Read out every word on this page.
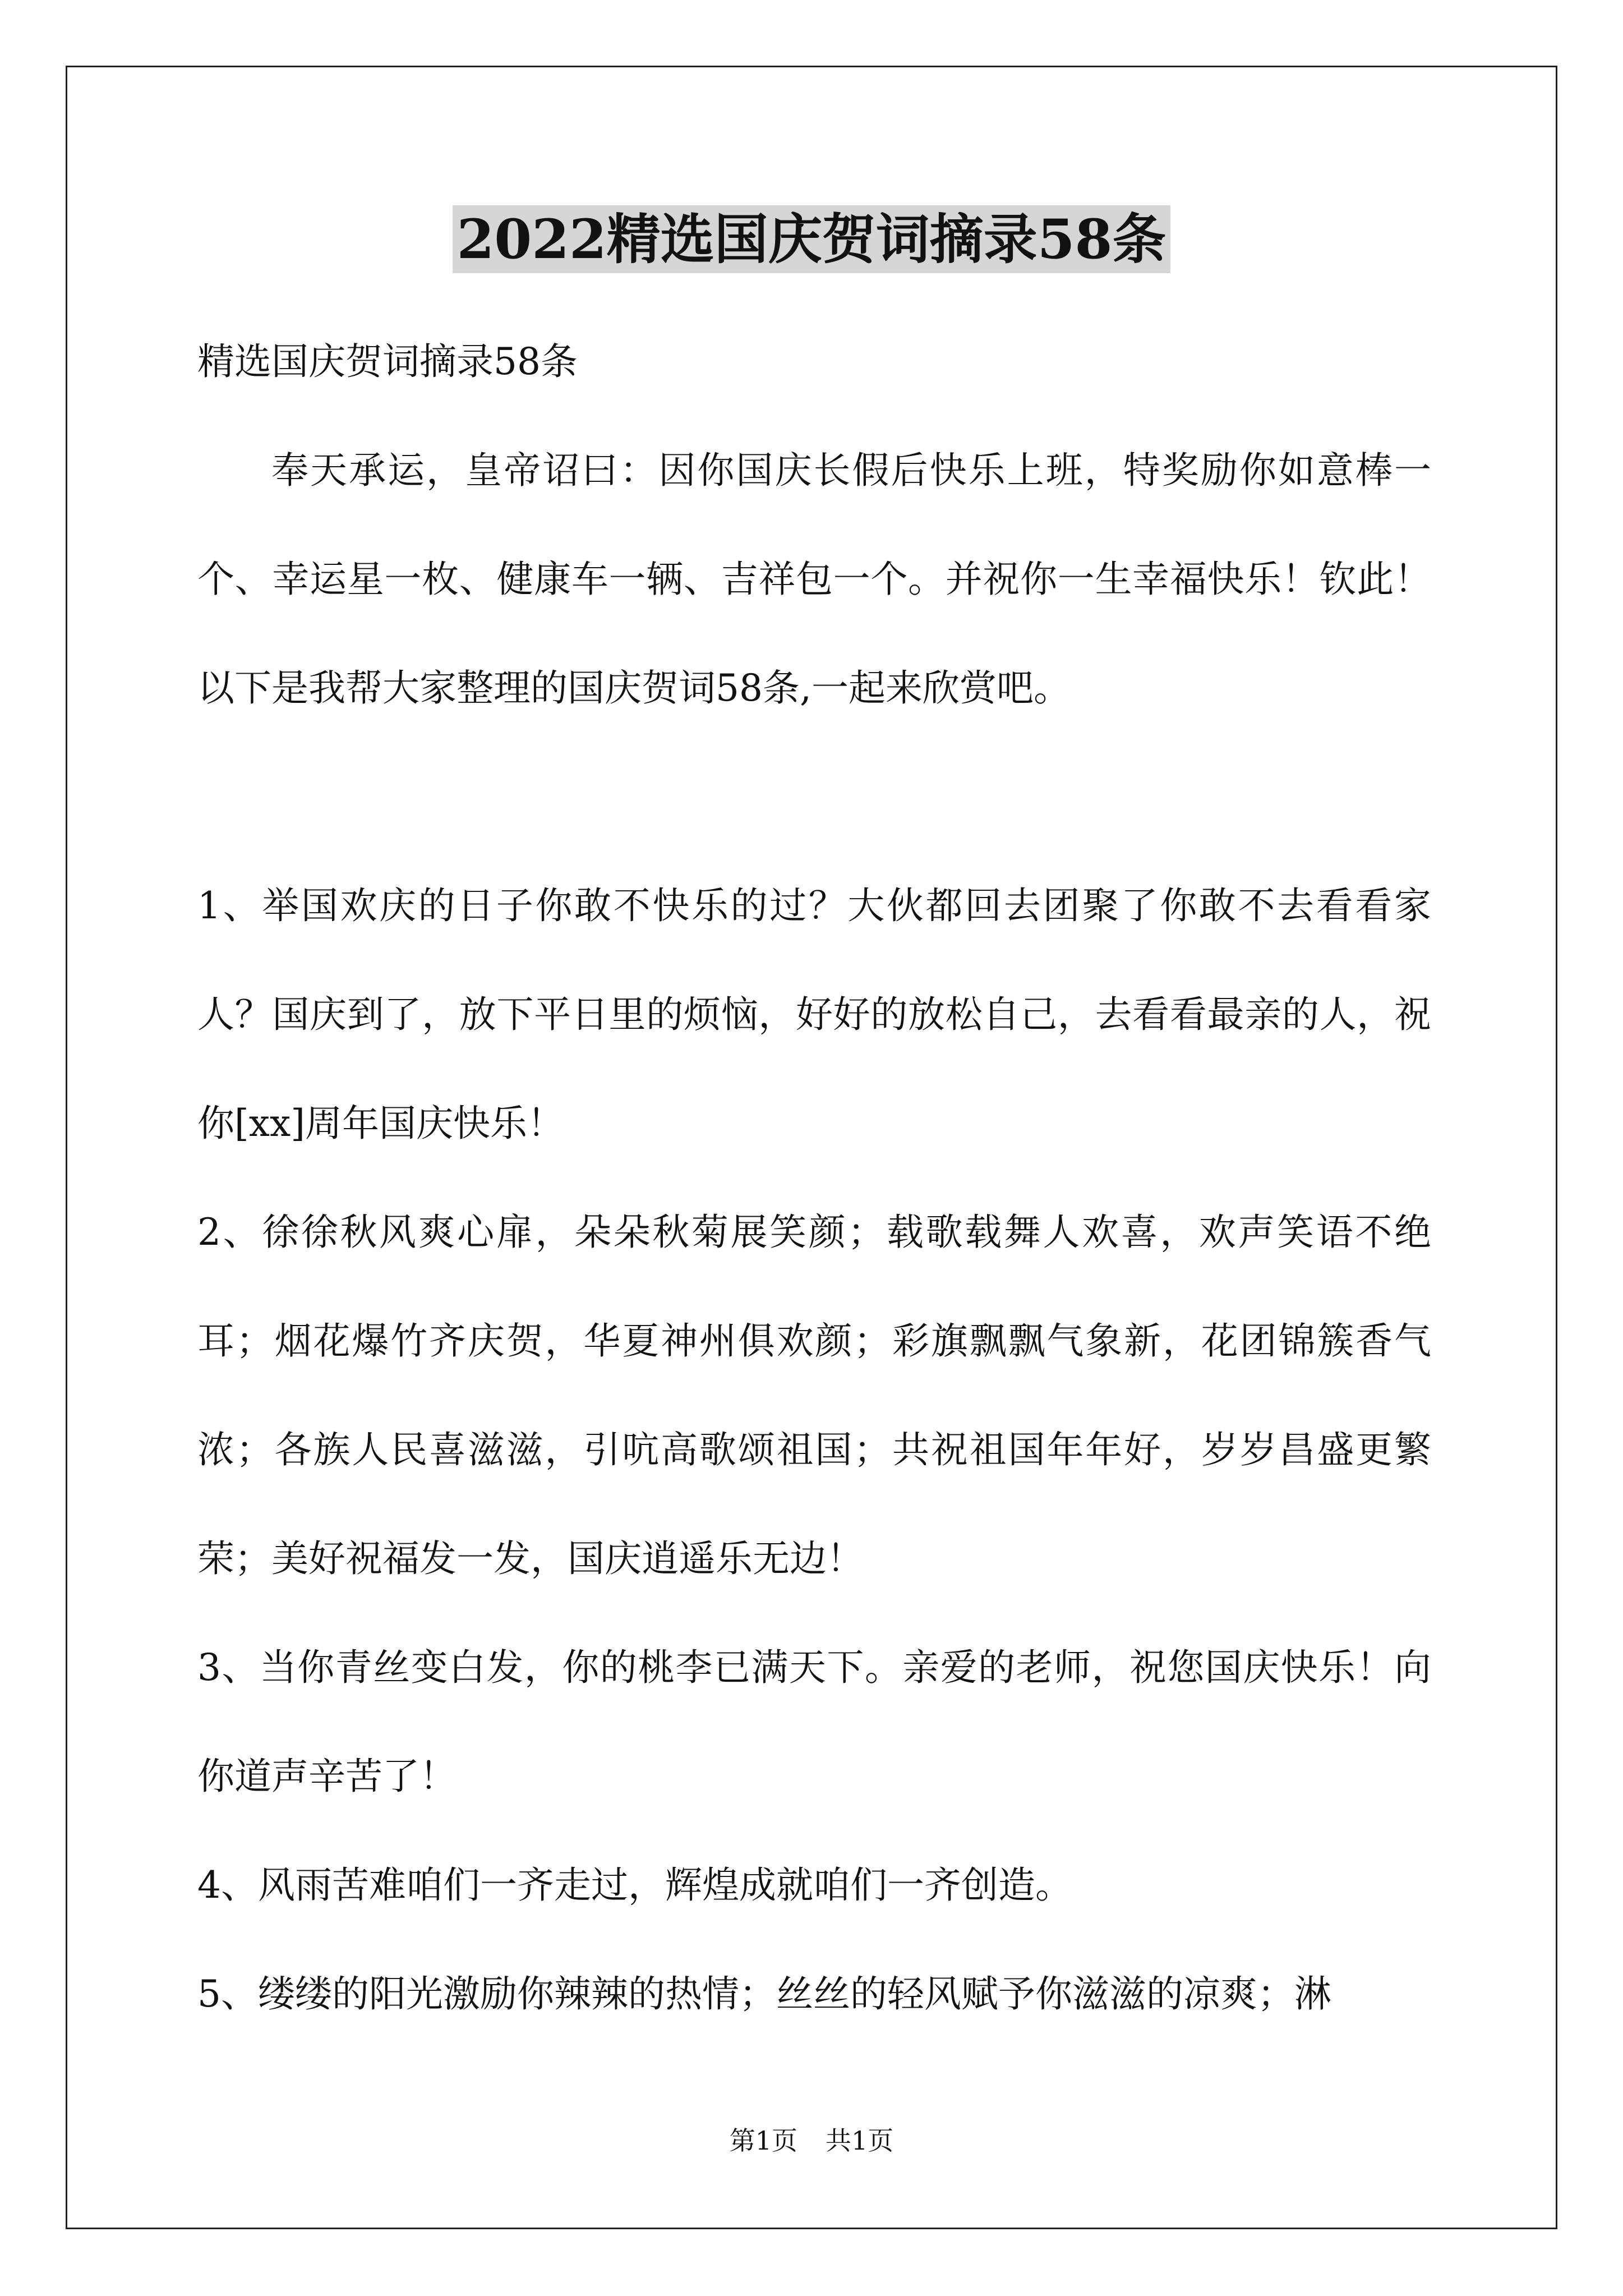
2022精选国庆贺词摘录58条

精选国庆贺词摘录58条

奉天承运，皇帝诏曰：因你国庆长假后快乐上班，特奖励你如意棒一个、幸运星一枚、健康车一辆、吉祥包一个。并祝你一生幸福快乐！钦此！以下是我帮大家整理的国庆贺词58条,一起来欣赏吧。

1、举国欢庆的日子你敢不快乐的过？大伙都回去团聚了你敢不去看看家人？国庆到了，放下平日里的烦恼，好好的放松自己，去看看最亲的人，祝你[xx]周年国庆快乐！

2、徐徐秋风爽心扉，朵朵秋菊展笑颜；载歌载舞人欢喜，欢声笑语不绝耳；烟花爆竹齐庆贺，华夏神州俱欢颜；彩旗飘飘气象新，花团锦簇香气浓；各族人民喜滋滋，引吭高歌颂祖国；共祝祖国年年好，岁岁昌盛更繁荣；美好祝福发一发，国庆逍遥乐无边！

3、当你青丝变白发，你的桃李已满天下。亲爱的老师，祝您国庆快乐！向你道声辛苦了！

4、风雨苦难咱们一齐走过，辉煌成就咱们一齐创造。

5、缕缕的阳光激励你辣辣的热情；丝丝的轻风赋予你滋滋的凉爽；淋

第1页 共1页
